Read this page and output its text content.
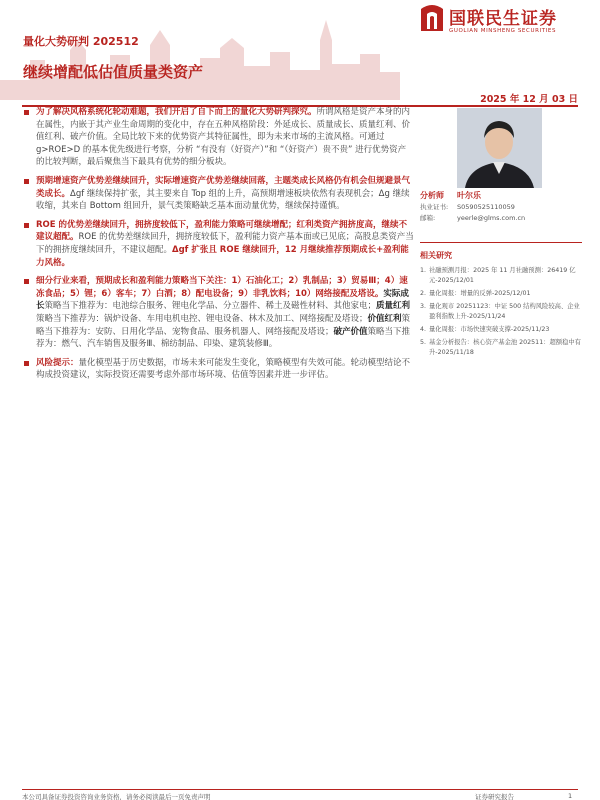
量化大势研判 202512
继续增配低估值质量类资产
2025 年 12 月 03 日
国联民生证券
GUOLIAN MINSHENG SECURITIES
为了解决风格系统化轮动难题，我们开启了自下而上的量化大势研判探究。所谓风格是资产本身的内在属性，内嵌于其产业生命周期的变化中，存在五种风格阶段：外延成长、质量成长、质量红利、价值红利、破产价值。全局比较下来的优势资产其特征属性，即为未来市场的主流风格。可通过 g>ROE>D 的基本优先级进行考察，分析 “有没有（好资产）”和 “（好资产）贵不贵” 进行优势资产的比较判断，最后聚焦当下最具有优势的细分板块。
预期增速资产优势差继续回升，实际增速资产优势差继续回落，主题类成长风格仍有机会但规避景气类成长。Δgf 继续保持扩张，其主要来自 Top 组的上升，高预期增速板块依然有表现机会；Δg 继续收缩，其来自 Bottom 组回升，景气类策略缺乏基本面动量优势，继续保持谨慎。
ROE 的优势差继续回升，拥挤度较低下，盈利能力策略可继续增配；红利类资产拥挤度高，继续不建议超配。ROE 的优势差继续回升，拥挤度较低下，盈利能力资产基本面或已见底；高股息类资产当下的拥挤度继续回升，不建议超配。Δgf 扩张且 ROE 继续回升，12 月继续推荐预期成长+盈利能力风格。
细分行业来看，预期成长和盈利能力策略当下关注：1）石油化工；2）乳制品；3）贸易Ⅲ；4）速冻食品；5）锂；6）客车；7）白酒；8）配电设备；9）非乳饮料；10）网络接配及塔设。实际成长策略当下推荐为：电池综合服务、锂电化学品、分立器件、稀土及磁性材料、其他家电；质量红利策略当下推荐为：锅炉设备、车用电机电控、锂电设备、林木及加工、网络接配及塔设；价值红利策略当下推荐为：安防、日用化学品、宠物食品、服务机器人、网络接配及塔设；破产价值策略当下推荐为：燃气、汽车销售及服务Ⅲ、棉纺制品、印染、建筑装修Ⅲ。
风险提示：量化模型基于历史数据，市场未来可能发生变化，策略模型有失效可能。轮动模型结论不构成投资建议，实际投资还需要考虑外部市场环境、估值等因素并进一步评估。
分析师	叶尔乐
执业证书:	S0590525110059
邮箱:	yeerle@glms.com.cn
相关研究
1. 社融预测月报：2025 年 11 月社融预测：26419 亿元-2025/12/01
2. 量化周报：增量的反弹-2025/12/01
3. 量化观市 20251123：中证 500 结构风险较高、企业盈利指数上升-2025/11/24
4. 量化周报：市场快速突破支撑-2025/11/23
5. 基金分析报告：核心资产基金池 202511：超额稳中有升-2025/11/18
本公司具备证券投资咨询业务资格，请务必阅读最后一页免责声明	证券研究报告	1
